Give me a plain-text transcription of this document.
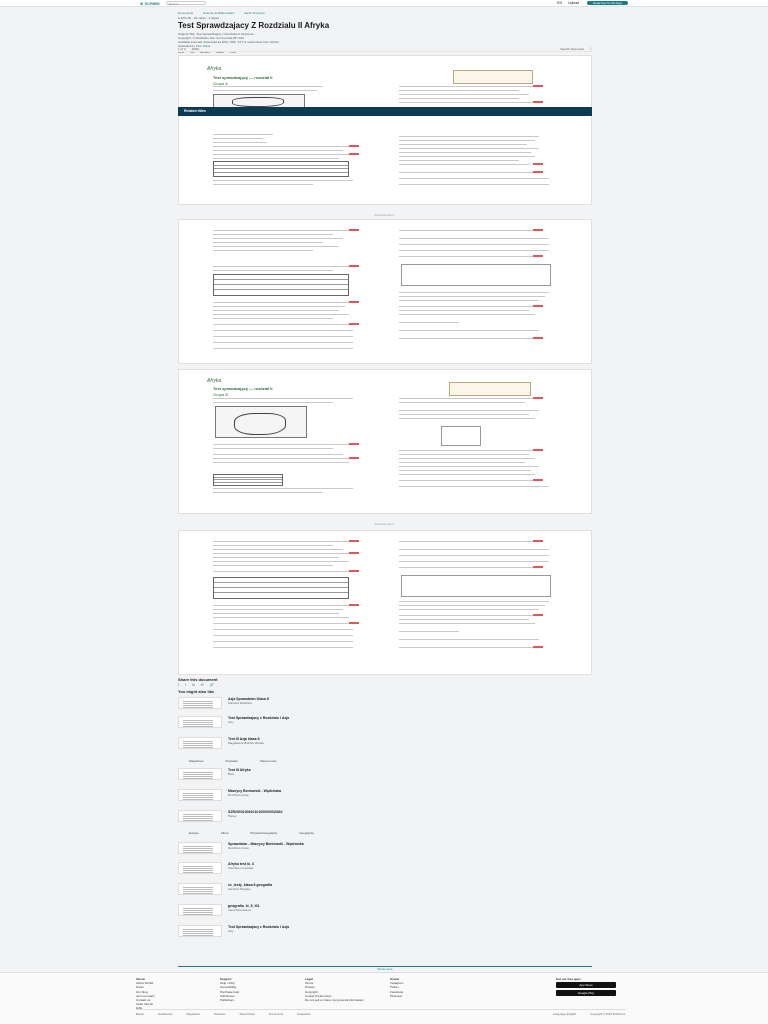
⊜ SCRIBD	Search	EN Upload	Read free for 30 days
Documents	Science & Mathematics	Earth Sciences
● 30% (8) · 2K views · 2 pages
Test Sprawdzajacy Z Rozdzialu II Afryka
Original Title: Test Sprawdzajacy z Rozdzialu II Afryka.do…
Copyright: © Attribution Non-Commercial (BY-NC)
Available Formats: Download as DOC, PDF, TXT or read online from Scribd
Uploaded by Piotr Sokol
30% 0% Embed Share Print
1 of 4 100%	Search document ⛶
Afryka
Test sprawdzający — rozdział II
Grupa A
Related titles
Advertisement
Afryka
Test sprawdzający — rozdział II
Grupa B
Advertisement
Share this document
f t in ✉ 🔗
You might also like
Azja Sprawdzian Klasa 8
Karolina Zieliñska
Test Sprawdzajacy z Rozdzialu I Azja
arcy
Test III Azja klasa 8
Magdalena Majcher-Burlak
Magazines	Podcasts	Sheet music
Test III Afryka
Basi
Maurycy Beniowski - Wędrówka
Rozdział czyste
SZR20031006101010000000Z6A0
Partey
Europe	Africa	Physical Geography	Geography
Sprawdzian - Maurycy Beniowski - Wędrówka
Rozdział czyste
Afryka test kl. 3
Kamilka morawska
cz_testy_klasa 8 geografia
Karolina Wiejska
geografia_kl_8_t01
Irena Rzeczkarze
Test Sprawdzajacy z Rozdzialu I Azja
arcy
Show more
About
About Scribd
Press
Our blog
Join our team!
Contact us
Invite friends
Gifts
Support
Help / FAQ
Accessibility
Purchase help
AdChoices
Publishers
Legal
Terms
Privacy
Copyright
Cookie Preferences
Do not sell or share my personal information
Social
Instagram
Twitter
Facebook
Pinterest
Get our free apps
App Store
Google Play
Books	Audiobooks	Magazines	Podcasts	Sheet Music	Documents	Snapshots	Language: English	Copyright © 2024 Scribd Inc.
